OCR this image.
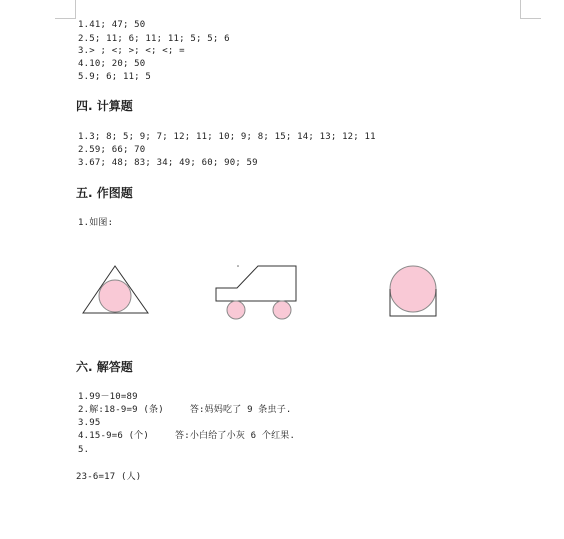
1.41; 47; 50
2.5; 11; 6; 11; 11; 5; 5; 6
3.> ; <; >; <; <; =
4.10; 20; 50
5.9; 6; 11; 5
四. 计算题
1.3; 8; 5; 9; 7; 12; 11; 10; 9; 8; 15; 14; 13; 12; 11
2.59; 66; 70
3.67; 48; 83; 34; 49; 60; 90; 59
五. 作图题
1.如图:
六. 解答题
1.99－10=89
2.解:18-9=9 (条)	答:妈妈吃了 9 条虫子.
3.95
4.15-9=6 (个)	答:小白给了小灰 6 个红果.
5.
23-6=17 (人)
